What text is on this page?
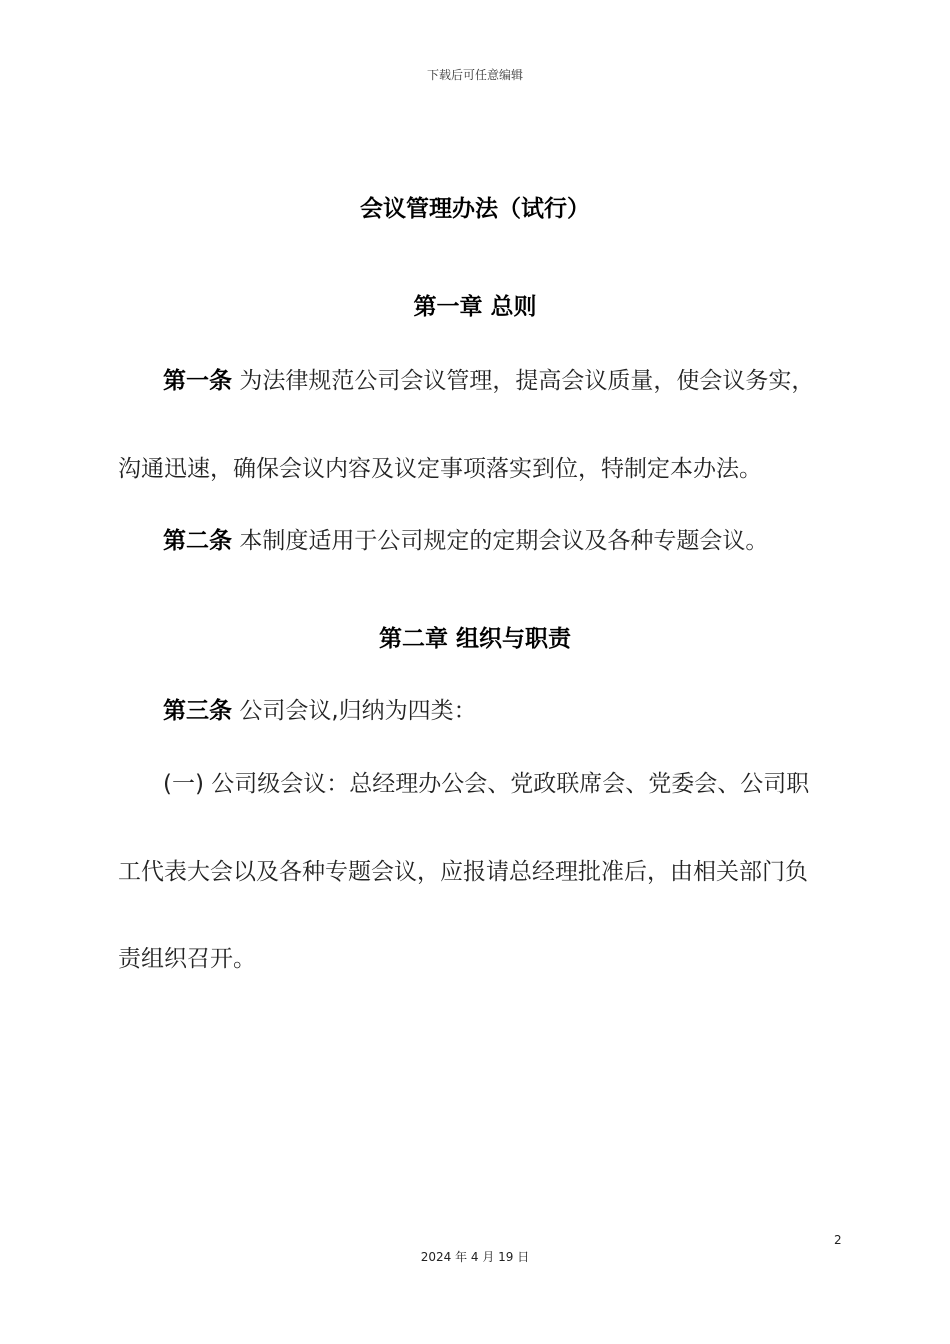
下载后可任意编辑
会议管理办法（试行）
第一章 总则
第一条 为法律规范公司会议管理，提高会议质量，使会议务实，
沟通迅速，确保会议内容及议定事项落实到位，特制定本办法。
第二条 本制度适用于公司规定的定期会议及各种专题会议。
第二章 组织与职责
第三条 公司会议,归纳为四类：
(一) 公司级会议：总经理办公会、党政联席会、党委会、公司职
工代表大会以及各种专题会议，应报请总经理批准后，由相关部门负
责组织召开。
2
2024 年 4 月 19 日
